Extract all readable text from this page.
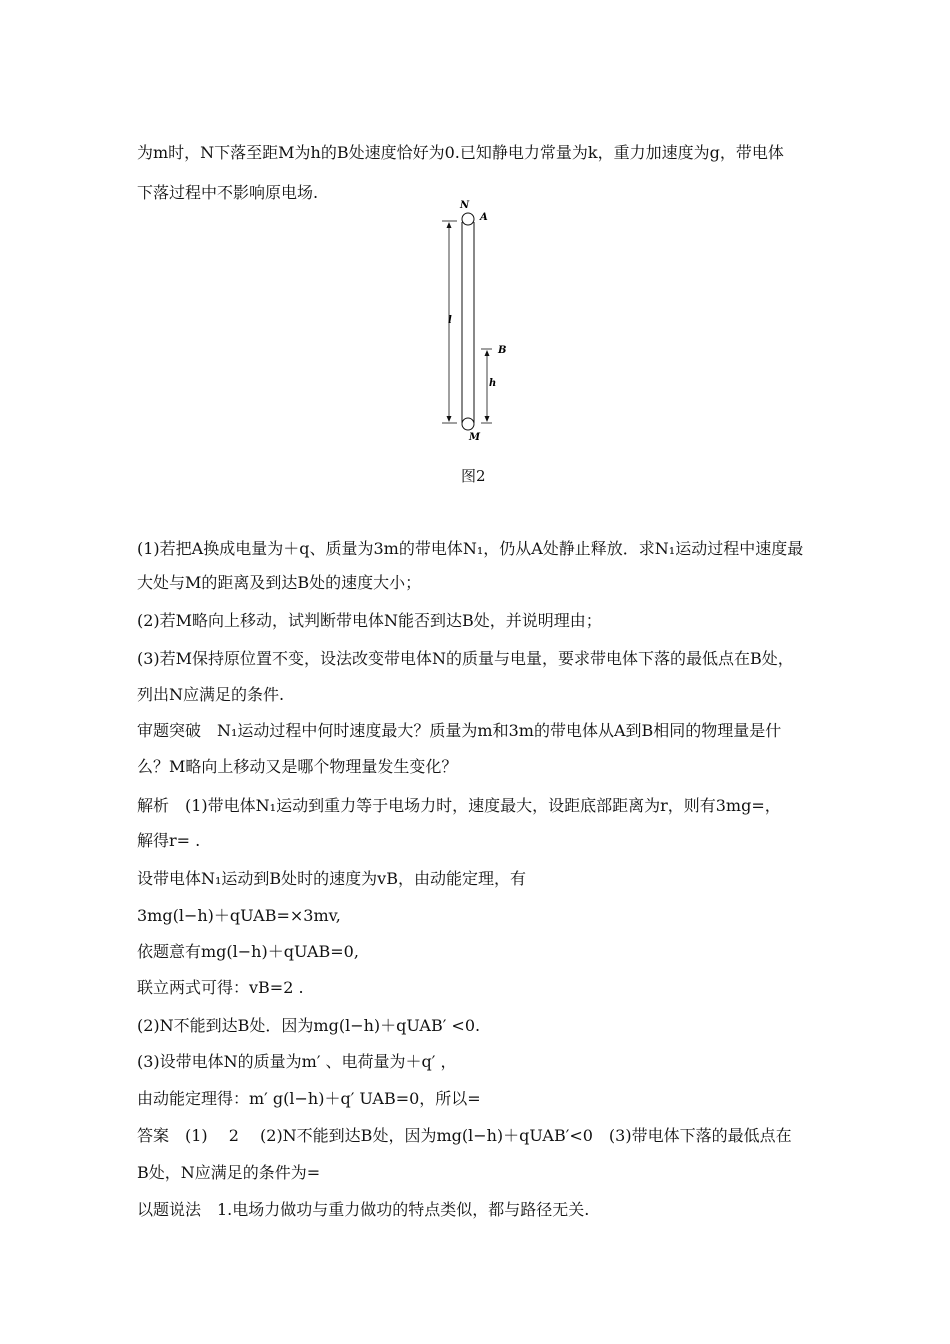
为m时，N下落至距M为h的B处速度恰好为0.已知静电力常量为k，重力加速度为g，带电体
下落过程中不影响原电场.
N
A
B
h
l
M
图2
(1)若把A换成电量为＋q、质量为3m的带电体N₁，仍从A处静止释放．求N₁运动过程中速度最
大处与M的距离及到达B处的速度大小；
(2)若M略向上移动，试判断带电体N能否到达B处，并说明理由；
(3)若M保持原位置不变，设法改变带电体N的质量与电量，要求带电体下落的最低点在B处，
列出N应满足的条件.
审题突破　N₁运动过程中何时速度最大？质量为m和3m的带电体从A到B相同的物理量是什
么？M略向上移动又是哪个物理量发生变化？
解析　(1)带电体N₁运动到重力等于电场力时，速度最大，设距底部距离为r，则有3mg=，
解得r= .
设带电体N₁运动到B处时的速度为vB，由动能定理，有
3mg(l−h)＋qUAB=×3mv,
依题意有mg(l−h)＋qUAB=0,
联立两式可得：vB=2 .
(2)N不能到达B处．因为mg(l−h)＋qUAB′ <0.
(3)设带电体N的质量为m′ 、电荷量为＋q′ ，
由动能定理得：m′ g(l−h)＋q′ UAB=0，所以=
答案　(1)　 2 　(2)N不能到达B处，因为mg(l−h)＋qUAB′<0　(3)带电体下落的最低点在
B处，N应满足的条件为=
以题说法　1.电场力做功与重力做功的特点类似，都与路径无关.
